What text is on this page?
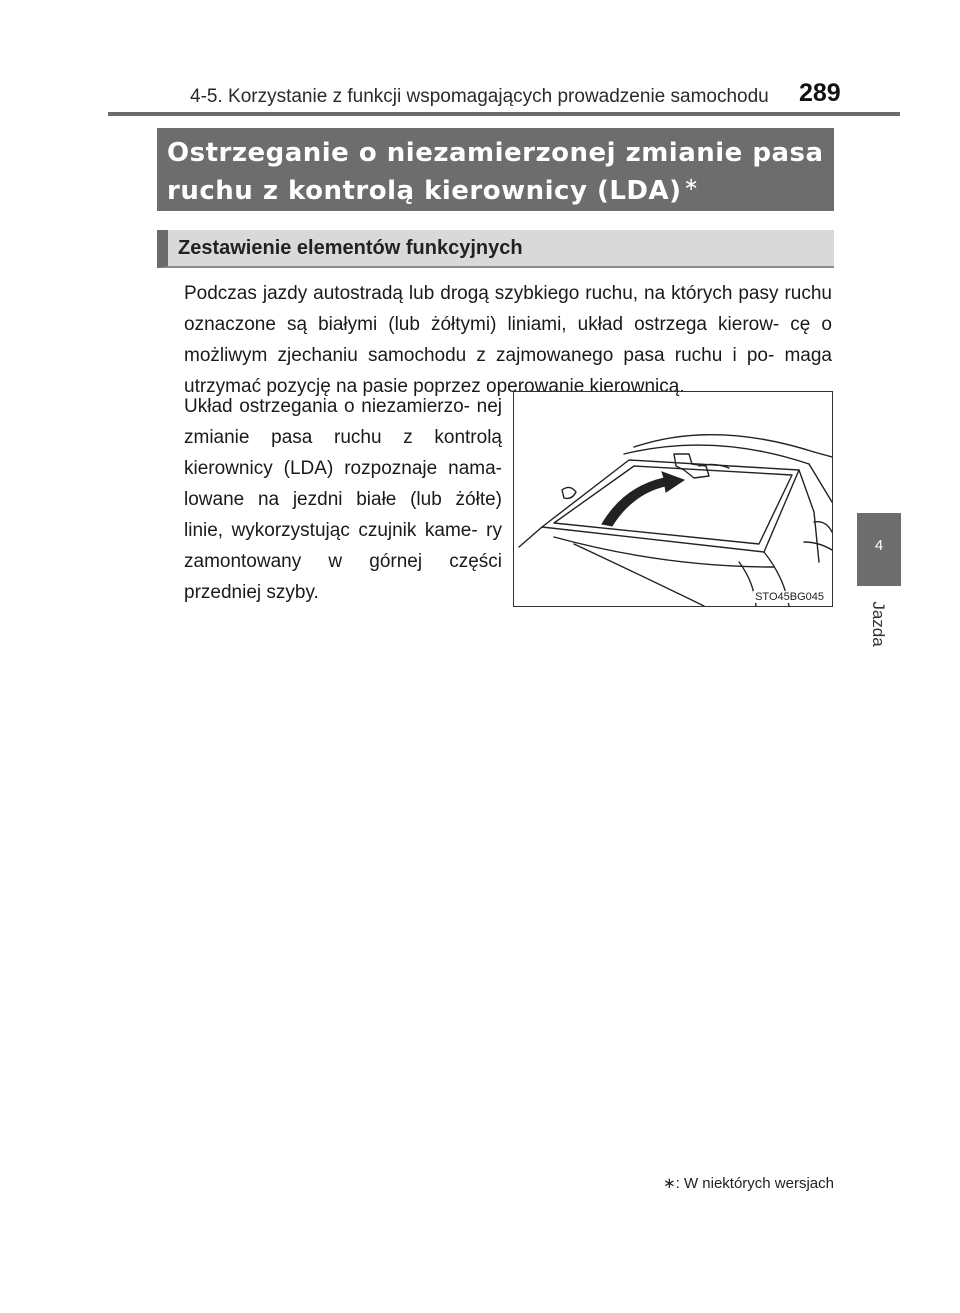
4-5. Korzystanie z funkcji wspomagających prowadzenie samochodu 289
Ostrzeganie o niezamierzonej zmianie pasa
ruchu z kontrolą kierownicy (LDA) ∗
Zestawienie elementów funkcyjnych
Podczas jazdy autostradą lub drogą szybkiego ruchu, na których pasy ruchu oznaczone są białymi (lub żółtymi) liniami, układ ostrzega kierow- cę o możliwym zjechaniu samochodu z zajmowanego pasa ruchu i po- maga utrzymać pozycję na pasie poprzez operowanie kierownicą.
Układ ostrzegania o niezamierzo- nej zmianie pasa ruchu z kontrolą kierownicy (LDA) rozpoznaje nama- lowane na jezdni białe (lub żółte) linie, wykorzystując czujnik kame- ry zamontowany w górnej części przedniej szyby.	STO45BG045
4
Jazda
∗: W niektórych wersjach
